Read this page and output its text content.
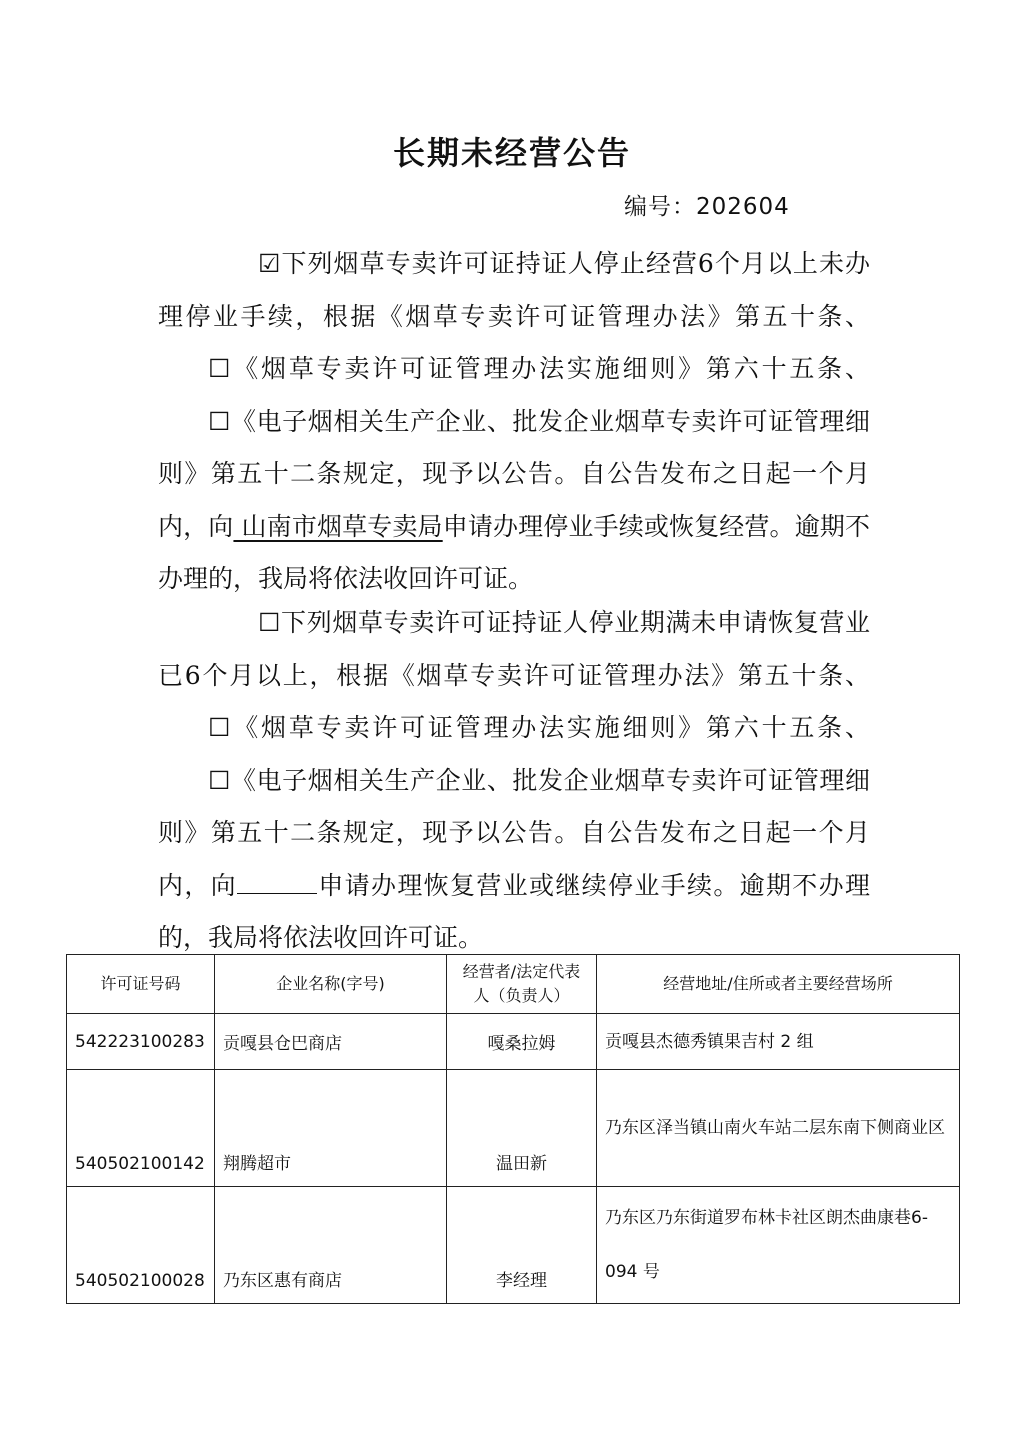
长期未经营公告
编号：202604

☑下列烟草专卖许可证持证人停止经营6个月以上未办理停业手续，根据《烟草专卖许可证管理办法》第五十条、☐《烟草专卖许可证管理办法实施细则》第六十五条、☐《电子烟相关生产企业、批发企业烟草专卖许可证管理细则》第五十二条规定，现予以公告。自公告发布之日起一个月内，向 山南市烟草专卖局申请办理停业手续或恢复经营。逾期不办理的，我局将依法收回许可证。

☐下列烟草专卖许可证持证人停业期满未申请恢复营业已6个月以上，根据《烟草专卖许可证管理办法》第五十条、☐《烟草专卖许可证管理办法实施细则》第六十五条、☐《电子烟相关生产企业、批发企业烟草专卖许可证管理细则》第五十二条规定，现予以公告。自公告发布之日起一个月内，向	申请办理恢复营业或继续停业手续。逾期不办理的，我局将依法收回许可证。

许可证号码	企业名称(字号)	经营者/法定代表人（负责人）	经营地址/住所或者主要经营场所
542223100283	贡嘎县仓巴商店	嘎桑拉姆	贡嘎县杰德秀镇果吉村 2 组
540502100142	翔腾超市	温田新	乃东区泽当镇山南火车站二层东南下侧商业区
540502100028	乃东区惠有商店	李经理	乃东区乃东街道罗布林卡社区朗杰曲康巷6-094 号
